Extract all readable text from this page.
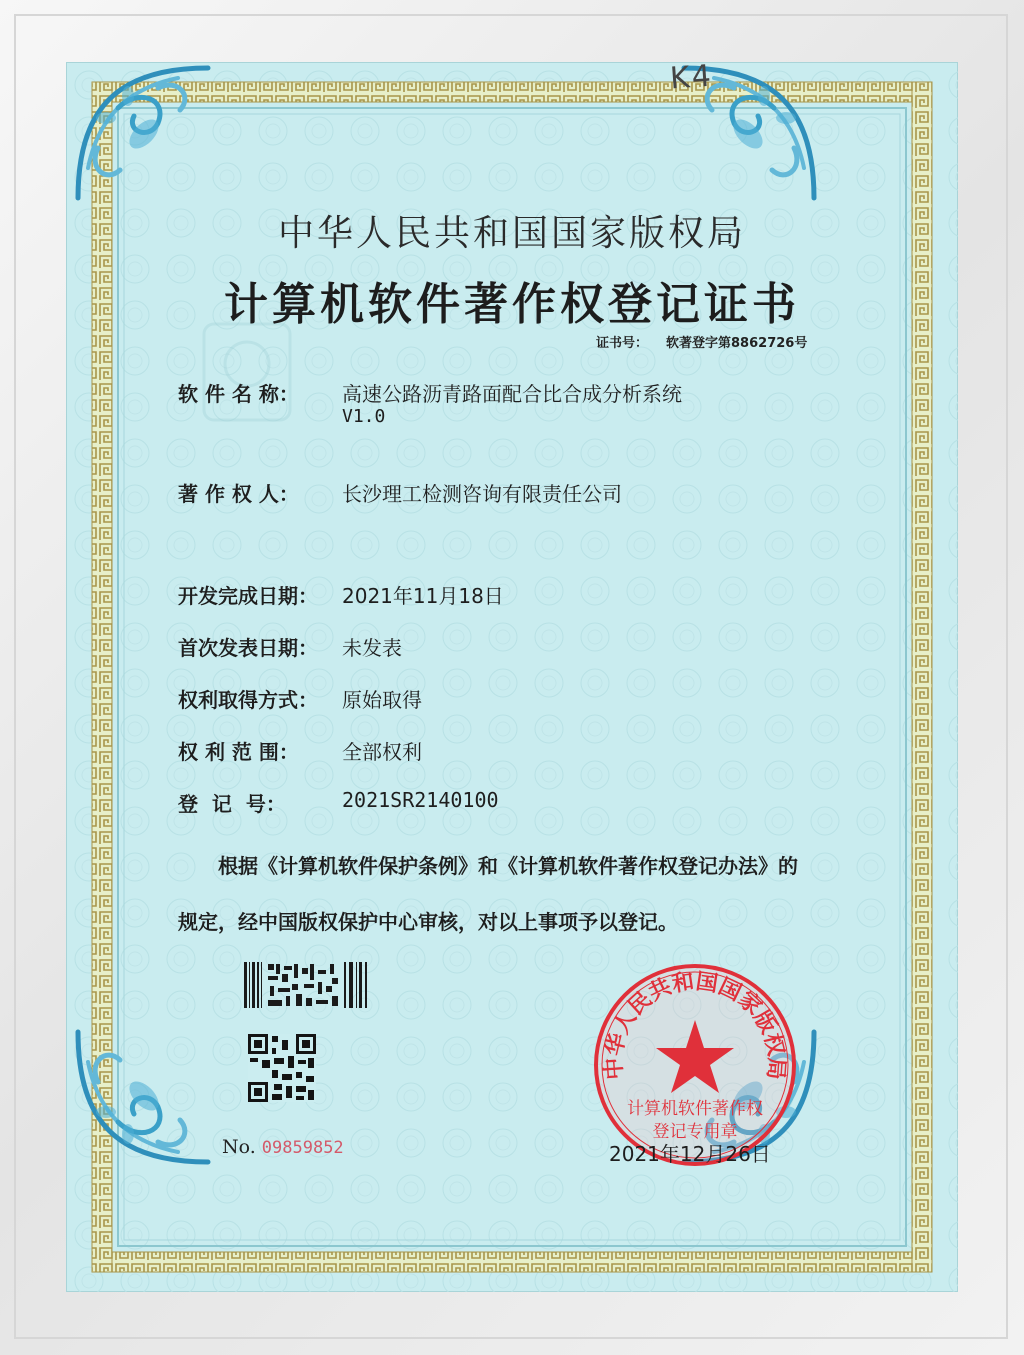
K4
中华人民共和国国家版权局
计算机软件著作权登记证书
证书号： 软著登字第8862726号
软 件 名 称：	高速公路沥青路面配合比合成分析系统
V1.0
著 作 权 人：	长沙理工检测咨询有限责任公司
开发完成日期：	2021年11月18日
首次发表日期：	未发表
权利取得方式：	原始取得
权 利 范 围：	全部权利
登  记  号：	2021SR2140100
根据《计算机软件保护条例》和《计算机软件著作权登记办法》的
规定，经中国版权保护中心审核，对以上事项予以登记。
No. 09859852
中华人民共和国国家版权局
计算机软件著作权
登记专用章
2021年12月26日
